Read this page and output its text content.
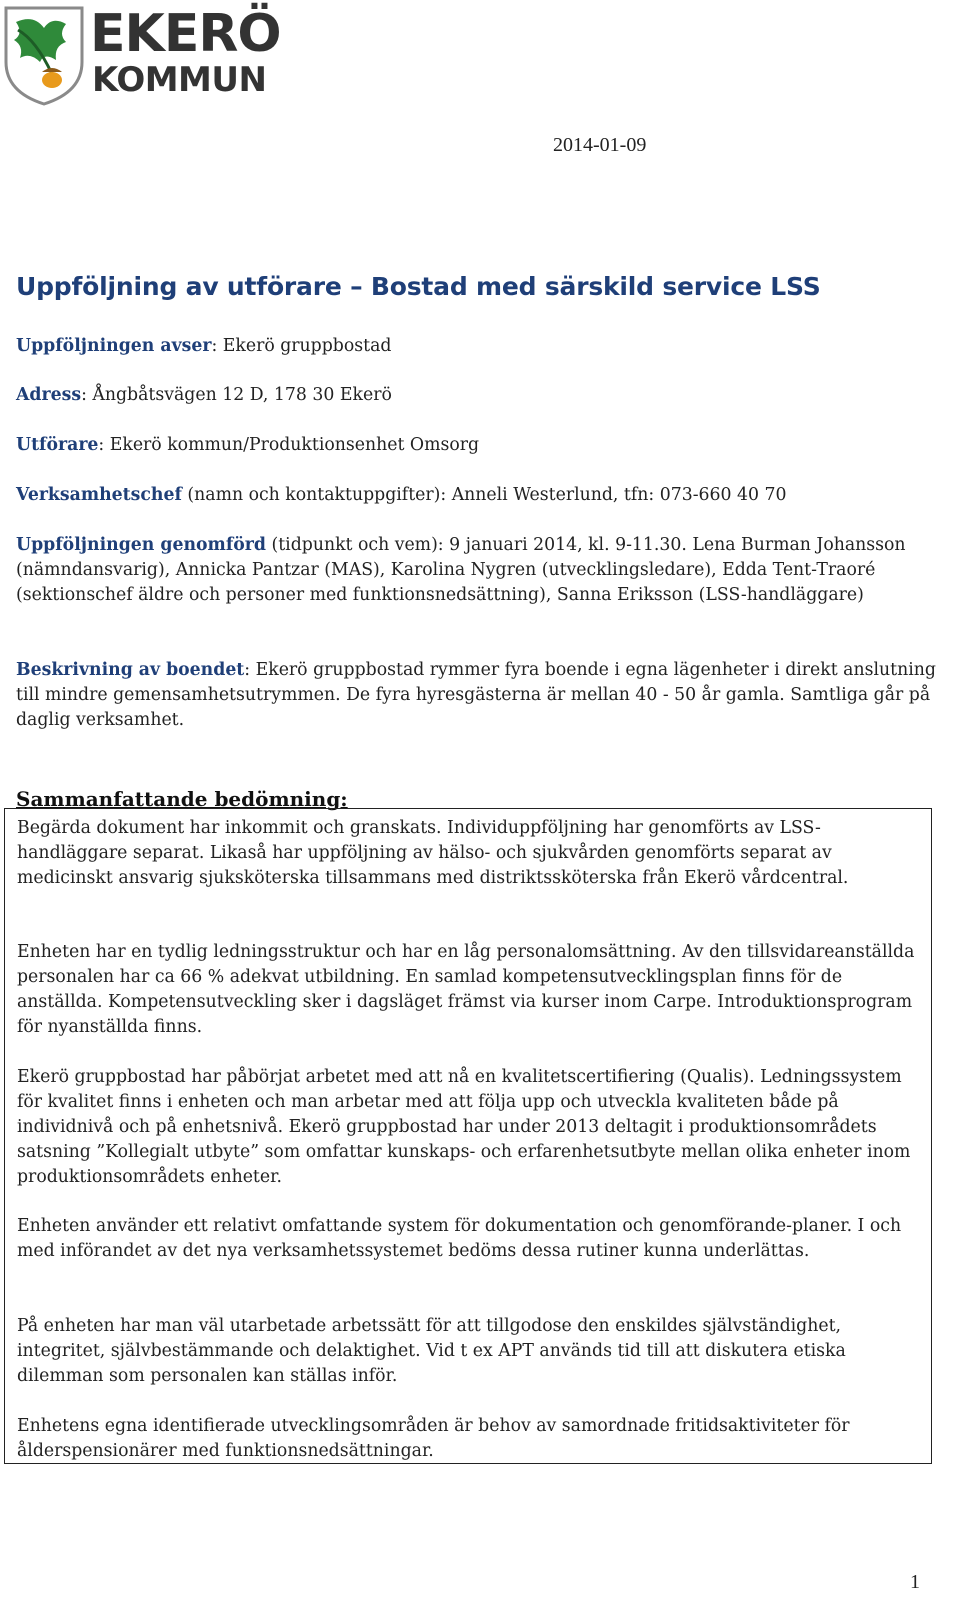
EKERÖ
KOMMUN
2014-01-09
Uppföljning av utförare – Bostad med särskild service LSS
Uppföljningen avser: Ekerö gruppbostad
Adress: Ångbåtsvägen 12 D, 178 30 Ekerö
Utförare: Ekerö kommun/Produktionsenhet Omsorg
Verksamhetschef (namn och kontaktuppgifter): Anneli Westerlund, tfn: 073-660 40 70
Uppföljningen genomförd (tidpunkt och vem): 9 januari 2014, kl. 9-11.30. Lena Burman Johansson (nämndansvarig), Annicka Pantzar (MAS), Karolina Nygren (utvecklingsledare), Edda Tent-Traoré (sektionschef äldre och personer med funktionsnedsättning), Sanna Eriksson (LSS-handläggare)
Beskrivning av boendet: Ekerö gruppbostad rymmer fyra boende i egna lägenheter i direkt anslutning till mindre gemensamhetsutrymmen. De fyra hyresgästerna är mellan 40 - 50 år gamla. Samtliga går på daglig verksamhet.
Sammanfattande bedömning:

Begärda dokument har inkommit och granskats. Individuppföljning har genomförts av LSS-handläggare separat. Likaså har uppföljning av hälso- och sjukvården genomförts separat av medicinskt ansvarig sjuksköterska tillsammans med distriktssköterska från Ekerö vårdcentral.

Enheten har en tydlig ledningsstruktur och har en låg personalomsättning. Av den tillsvidareanställda personalen har ca 66 % adekvat utbildning. En samlad kompetensutvecklingsplan finns för de anställda. Kompetensutveckling sker i dagsläget främst via kurser inom Carpe. Introduktionsprogram för nyanställda finns.

Ekerö gruppbostad har påbörjat arbetet med att nå en kvalitetscertifiering (Qualis). Ledningssystem för kvalitet finns i enheten och man arbetar med att följa upp och utveckla kvaliteten både på individnivå och på enhetsnivå. Ekerö gruppbostad har under 2013 deltagit i produktionsområdets satsning ”Kollegialt utbyte” som omfattar kunskaps- och erfarenhetsutbyte mellan olika enheter inom produktionsområdets enheter.

Enheten använder ett relativt omfattande system för dokumentation och genomförande-planer. I och med införandet av det nya verksamhetssystemet bedöms dessa rutiner kunna underlättas.

På enheten har man väl utarbetade arbetssätt för att tillgodose den enskildes självständighet, integritet, självbestämmande och delaktighet. Vid t ex APT används tid till att diskutera etiska dilemman som personalen kan ställas inför.

Enhetens egna identifierade utvecklingsområden är behov av samordnade fritidsaktiviteter för ålderspensionärer med funktionsnedsättningar.

1
